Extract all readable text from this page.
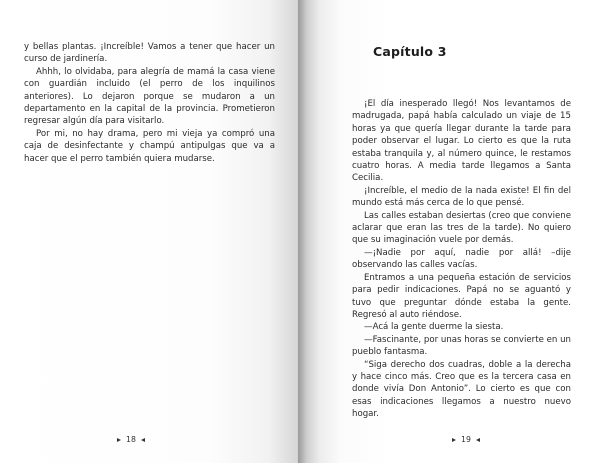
y bellas plantas. ¡Increíble! Vamos a tener que hacer un curso de jardinería.

Ahhh, lo olvidaba, para alegría de mamá la casa viene con guardián incluido (el perro de los inquilinos anteriores). Lo dejaron porque se mudaron a un departamento en la capital de la provincia. Prometieron regresar algún día para visitarlo.

Por mi, no hay drama, pero mi vieja ya compró una caja de desinfectante y champú antipulgas que va a hacer que el perro también quiera mudarse.

18
Capítulo 3

¡El día inesperado llegó! Nos levantamos de madrugada, papá había calculado un viaje de 15 horas ya que quería llegar durante la tarde para poder observar el lugar. Lo cierto es que la ruta estaba tranquila y, al número quince, le restamos cuatro horas. A media tarde llegamos a Santa Cecilia.

¡Increíble, el medio de la nada existe! El fin del mundo está más cerca de lo que pensé.

Las calles estaban desiertas (creo que conviene aclarar que eran las tres de la tarde). No quiero que su imaginación vuele por demás.

—¡Nadie por aquí, nadie por allá! –dije observando las calles vacías.

Entramos a una pequeña estación de servicios para pedir indicaciones. Papá no se aguantó y tuvo que preguntar dónde estaba la gente. Regresó al auto riéndose.

—Acá la gente duerme la siesta.

—Fascinante, por unas horas se convierte en un pueblo fantasma.

“Siga derecho dos cuadras, doble a la derecha y hace cinco más. Creo que es la tercera casa en donde vivía Don Antonio”. Lo cierto es que con esas indicaciones llegamos a nuestro nuevo hogar.

19
